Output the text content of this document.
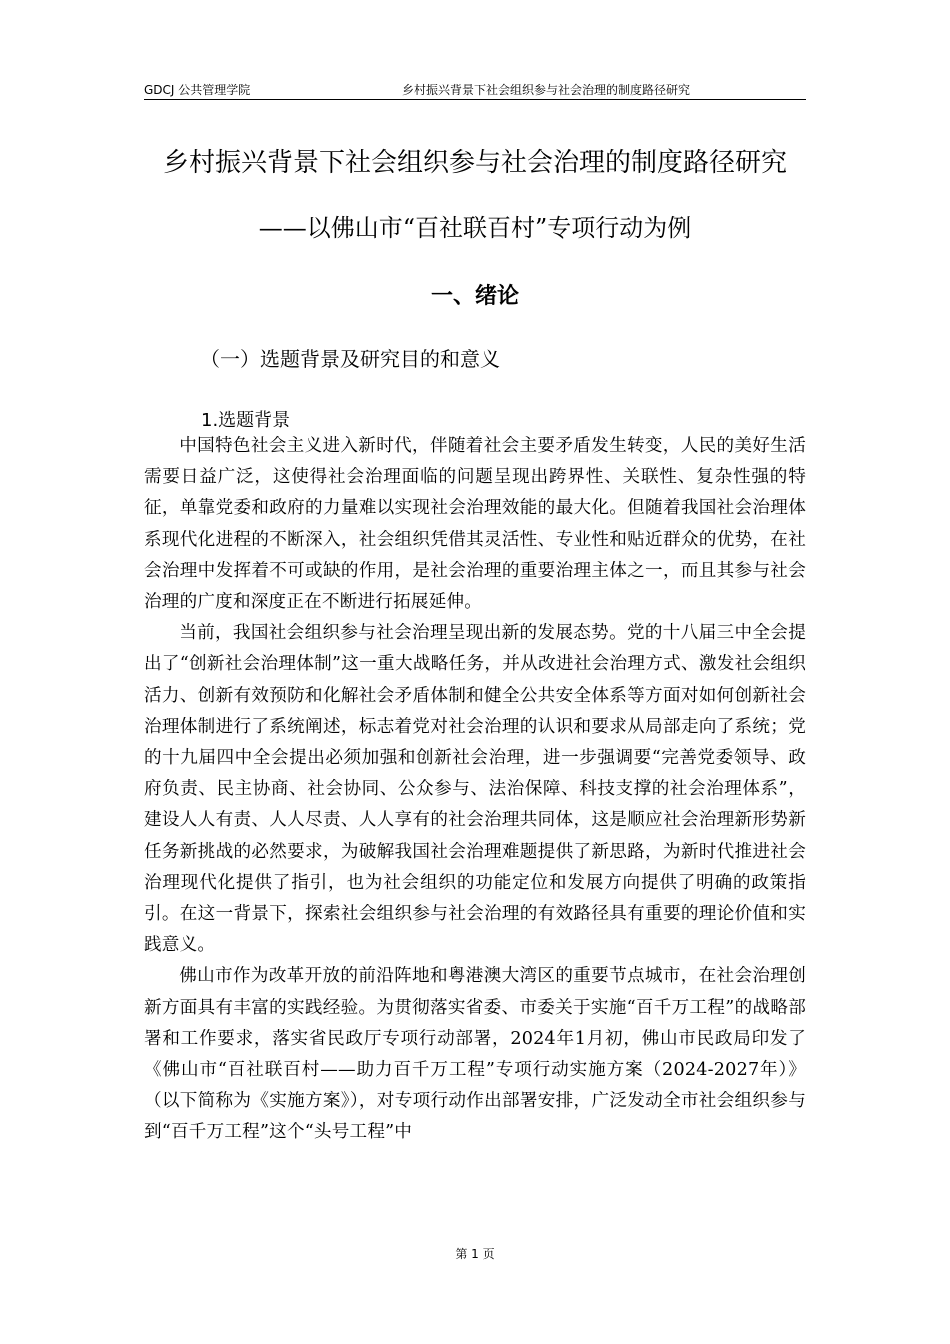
GDCJ 公共管理学院	乡村振兴背景下社会组织参与社会治理的制度路径研究
乡村振兴背景下社会组织参与社会治理的制度路径研究
——以佛山市“百社联百村”专项行动为例
一、绪论
（一）选题背景及研究目的和意义
1.选题背景

中国特色社会主义进入新时代，伴随着社会主要矛盾发生转变，人民的美好生活需要日益广泛，这使得社会治理面临的问题呈现出跨界性、关联性、复杂性强的特征，单靠党委和政府的力量难以实现社会治理效能的最大化。但随着我国社会治理体系现代化进程的不断深入，社会组织凭借其灵活性、专业性和贴近群众的优势，在社会治理中发挥着不可或缺的作用，是社会治理的重要治理主体之一，而且其参与社会治理的广度和深度正在不断进行拓展延伸。

当前，我国社会组织参与社会治理呈现出新的发展态势。党的十八届三中全会提出了“创新社会治理体制”这一重大战略任务，并从改进社会治理方式、激发社会组织活力、创新有效预防和化解社会矛盾体制和健全公共安全体系等方面对如何创新社会治理体制进行了系统阐述，标志着党对社会治理的认识和要求从局部走向了系统；党的十九届四中全会提出必须加强和创新社会治理，进一步强调要“完善党委领导、政府负责、民主协商、社会协同、公众参与、法治保障、科技支撑的社会治理体系”，建设人人有责、人人尽责、人人享有的社会治理共同体，这是顺应社会治理新形势新任务新挑战的必然要求，为破解我国社会治理难题提供了新思路，为新时代推进社会治理现代化提供了指引，也为社会组织的功能定位和发展方向提供了明确的政策指引。在这一背景下，探索社会组织参与社会治理的有效路径具有重要的理论价值和实践意义。

佛山市作为改革开放的前沿阵地和粤港澳大湾区的重要节点城市，在社会治理创新方面具有丰富的实践经验。为贯彻落实省委、市委关于实施“百千万工程”的战略部署和工作要求，落实省民政厅专项行动部署，2024年1月初，佛山市民政局印发了《佛山市“百社联百村——助力百千万工程”专项行动实施方案（2024-2027年）》（以下简称为《实施方案》），对专项行动作出部署安排，广泛发动全市社会组织参与到“百千万工程”这个“头号工程”中

第 1 页
